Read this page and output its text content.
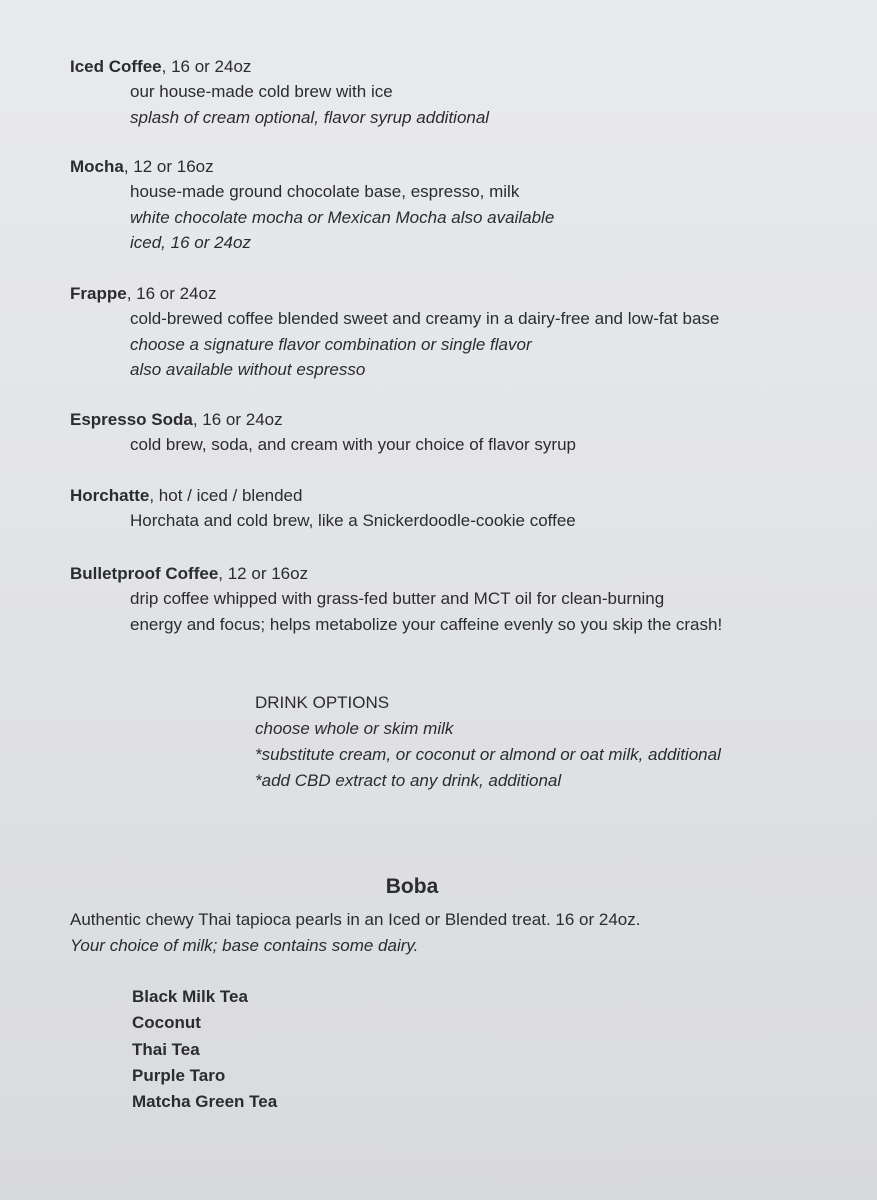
Iced Coffee, 16 or 24oz
our house-made cold brew with ice
splash of cream optional, flavor syrup additional
Mocha, 12 or 16oz
house-made ground chocolate base, espresso, milk
white chocolate mocha or Mexican Mocha also available
iced, 16 or 24oz
Frappe, 16 or 24oz
cold-brewed coffee blended sweet and creamy in a dairy-free and low-fat base
choose a signature flavor combination or single flavor
also available without espresso
Espresso Soda, 16 or 24oz
cold brew, soda, and cream with your choice of flavor syrup
Horchatte, hot / iced / blended
Horchata and cold brew, like a Snickerdoodle-cookie coffee
Bulletproof Coffee, 12 or 16oz
drip coffee whipped with grass-fed butter and MCT oil for clean-burning
energy and focus; helps metabolize your caffeine evenly so you skip the crash!
DRINK OPTIONS
choose whole or skim milk
*substitute cream, or coconut or almond or oat milk, additional
*add CBD extract to any drink, additional
Boba
Authentic chewy Thai tapioca pearls in an Iced or Blended treat. 16 or 24oz.
Your choice of milk; base contains some dairy.
Black Milk Tea
Coconut
Thai Tea
Purple Taro
Matcha Green Tea
